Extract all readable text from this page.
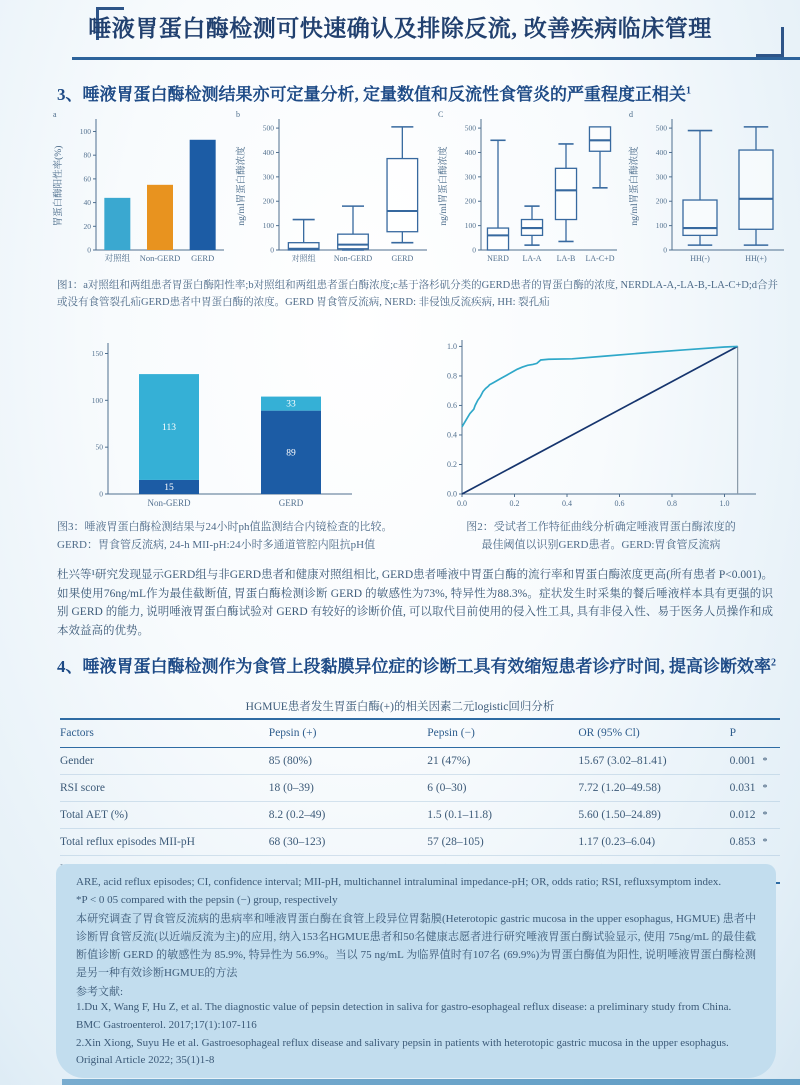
唾液胃蛋白酶检测可快速确认及排除反流, 改善疾病临床管理
3、唾液胃蛋白酶检测结果亦可定量分析, 定量数值和反流性食管炎的严重程度正相关$^1$
0
20
40
60
80
100
胃蛋白酶阳性率(%)
a
对照组 Non-GERD GERD
0
100
200
300
400
500
ng/ml胃蛋白酶浓度
b
对照组 Non-GERD GERD
0
100
200
300
400
500
ng/ml胃蛋白酶浓度
C
NERD LA-A LA-B LA-C+D
0
100
200
300
400
500
ng/ml胃蛋白酶浓度
d
HH(-)	HH(+)
图1：a对照组和两组患者胃蛋白酶阳性率;b对照组和两组患者蛋白酶浓度;c基于洛杉矶分类的GERD患者的胃蛋白酶的浓度, NERDLA-A,-LA-B,-LA-C+D;d合并或没有食管裂孔疝GERD患者中胃蛋白酶的浓度。GERD 胃食管反流病, NERD: 非侵蚀反流疾病, HH: 裂孔疝
0
50
100
150
15
113
Non-GERD
89
33
GERD
0.0
0.2
0.4
0.6
0.8
1.0
0.0	0.2	0.4	0.6	0.8	1.0
图3：唾液胃蛋白酶检测结果与24小时ph值监测结合内镜检查的比较。
GERD：胃食管反流病, 24-h MII-pH:24小时多通道管腔内阻抗pH值
图2：受试者工作特征曲线分析确定唾液胃蛋白酶浓度的
最佳阈值以识别GERD患者。GERD:胃食管反流病
杜兴等¹研究发现显示GERD组与非GERD患者和健康对照组相比, GERD患者唾液中胃蛋白酶的流行率和胃蛋白酶浓度更高(所有患者 P<0.001)。如果使用76ng/mL作为最佳截断值, 胃蛋白酶检测诊断 GERD 的敏感性为73%, 特异性为88.3%。症状发生时采集的餐后唾液样本具有更强的识别 GERD 的能力, 说明唾液胃蛋白酶试验对 GERD 有较好的诊断价值, 可以取代目前使用的侵入性工具, 具有非侵入性、易于医务人员操作和成本效益高的优势。
4、唾液胃蛋白酶检测作为食管上段黏膜异位症的诊断工具有效缩短患者诊疗时间, 提高诊断效率$^2$
HGMUE患者发生胃蛋白酶(+)的相关因素二元logistic回归分析
Factors	Pepsin (+)	Pepsin (−)	OR (95% Cl)	P
Gender	85 (80%)	21 (47%)	15.67 (3.02–81.41)	0.001 *
RSI score	18 (0–39)	6 (0–30)	7.72 (1.20–49.58)	0.031 *
Total AET (%)	8.2 (0.2–49)	1.5 (0.1–11.8)	5.60 (1.50–24.89)	0.012 *
Total reflux episodes MII-pH	68 (30–123)	57 (28–105)	1.17 (0.23–6.04)	0.853 *

ARE, acid reflux episodes; CI, confidence interval; MII-pH, multichannel intraluminal impedance-pH; OR, odds ratio; RSI, refluxsymptom index.
*P < 0 05 compared with the pepsin (−) group, respectively
本研究调查了胃食管反流病的患病率和唾液胃蛋白酶在食管上段异位胃黏膜(Heterotopic gastric mucosa in the upper esophagus, HGMUE) 患者中诊断胃食管反流(以近端反流为主)的应用, 纳入153名HGMUE患者和50名健康志愿者进行研究唾液胃蛋白酶试验显示, 使用 75ng/mL 的最佳截断值诊断 GERD 的敏感性为 85.9%, 特异性为 56.9%。当以 75 ng/mL 为临界值时有107名 (69.9%)为胃蛋白酶值为阳性, 说明唾液胃蛋白酶检测是另一种有效诊断HGMUE的方法
参考文献:
1.Du X, Wang F, Hu Z, et al. The diagnostic value of pepsin detection in saliva for gastro-esophageal reflux disease: a preliminary study from China. BMC Gastroenterol. 2017;17(1):107-116
2.Xin Xiong, Suyu He et al. Gastroesophageal reflux disease and salivary pepsin in patients with heterotopic gastric mucosa in the upper esophagus. Original Article 2022; 35(1)1-8
